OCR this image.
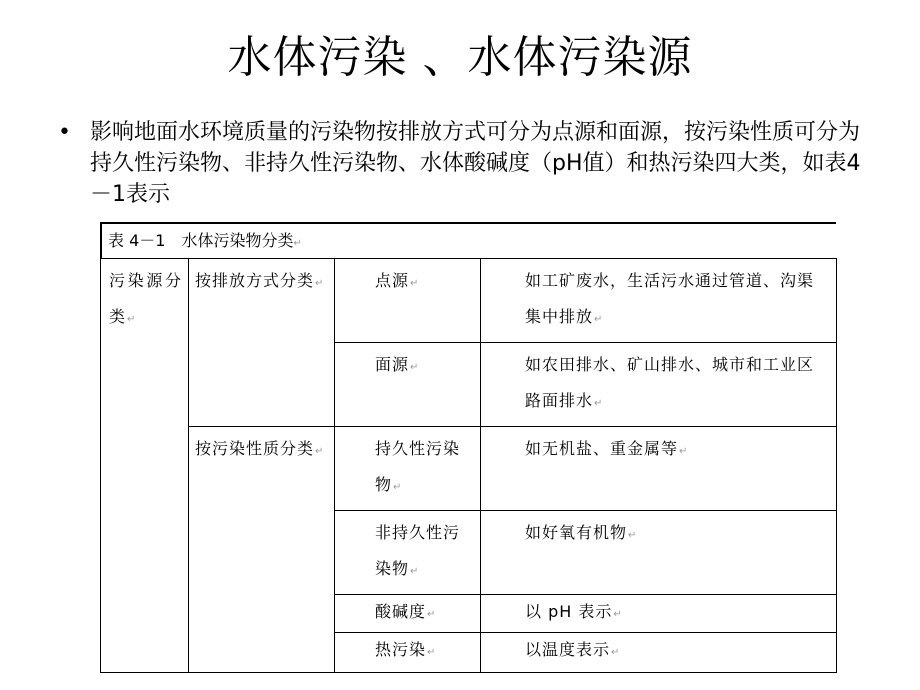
水体污染 、水体污染源
• 影响地面水环境质量的污染物按排放方式可分为点源和面源，按污染性质可分为持久性污染物、非持久性污染物、水体酸碱度（pH值）和热污染四大类，如表4－1表示
表 4－1　水体污染物分类↵
污染源分类 ↵	按排放方式分类 ↵	点源 ↵	如工矿废水，生活污水通过管道、沟渠集中排放 ↵
		面源 ↵	如农田排水、矿山排水、城市和工业区路面排水 ↵
	按污染性质分类 ↵	持久性污染物 ↵	如无机盐、重金属等 ↵
		非持久性污染物 ↵	如好氧有机物 ↵
		酸碱度 ↵	以 pH 表示 ↵
		热污染 ↵	以温度表示 ↵
